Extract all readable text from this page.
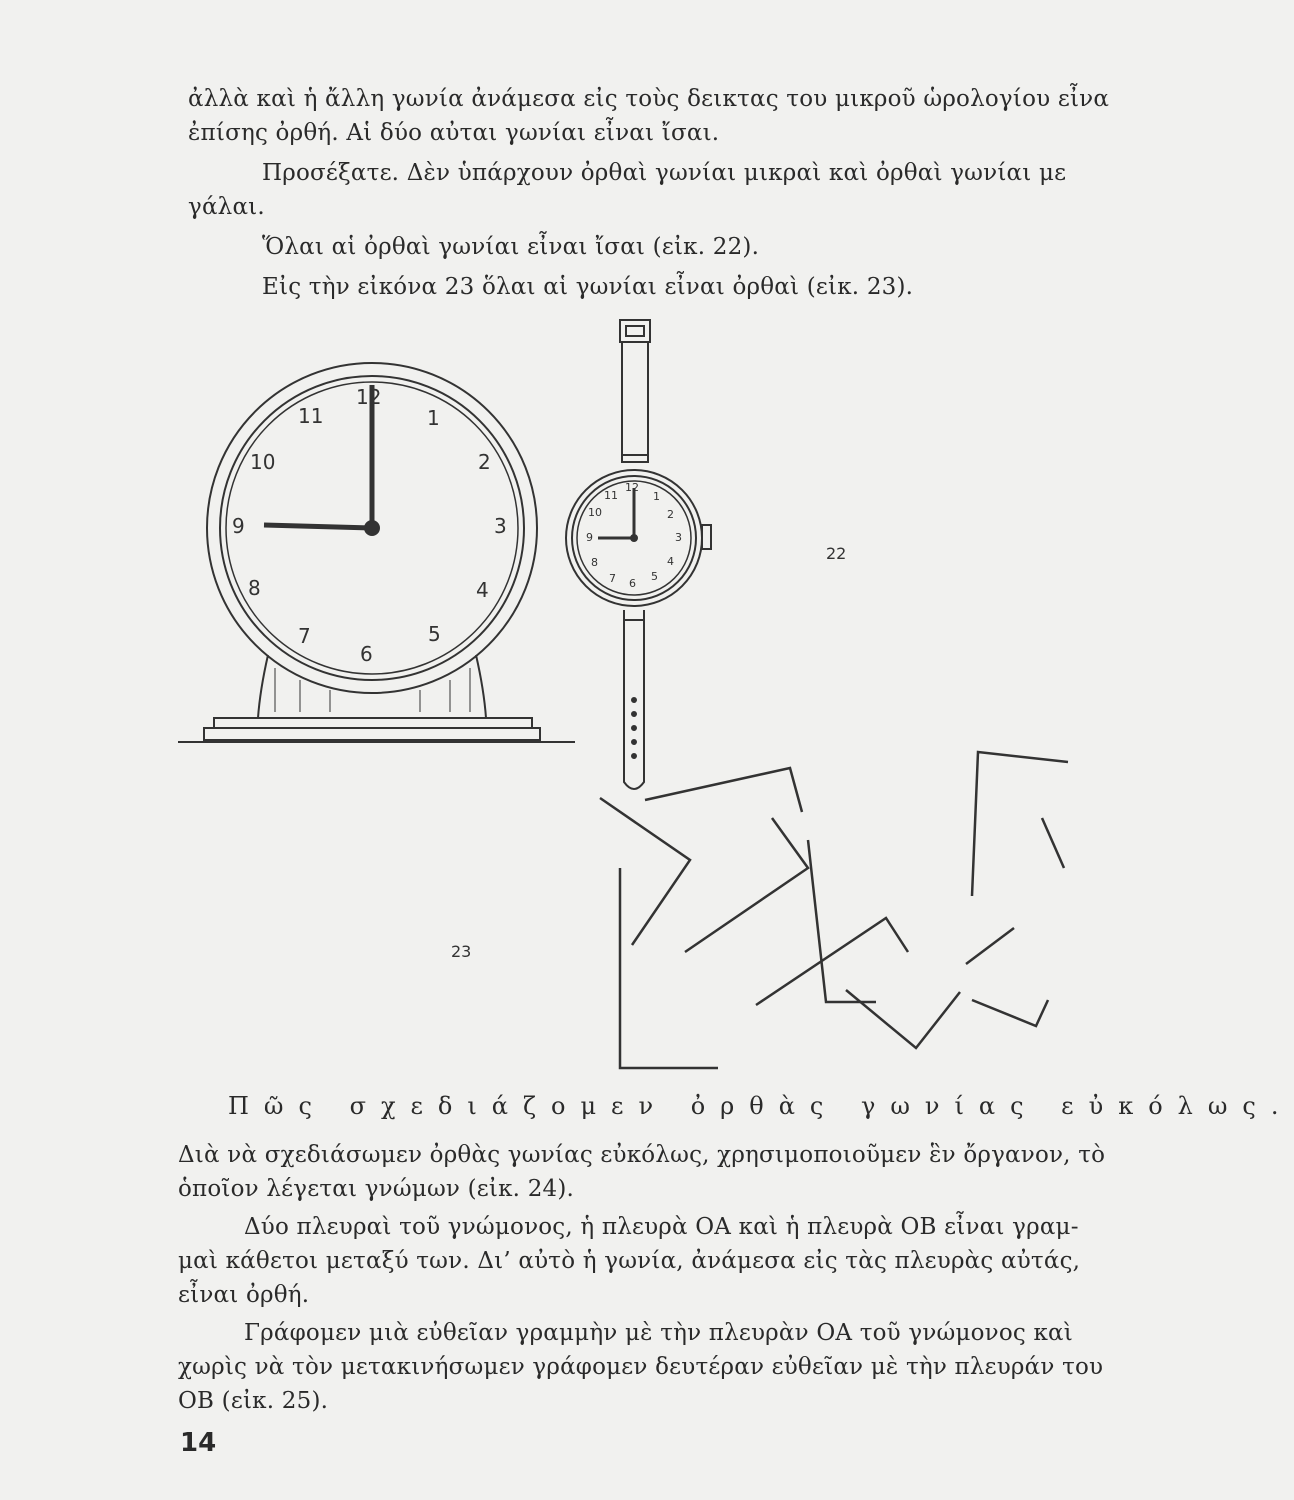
ἀλλὰ καὶ ἡ ἄλλη γωνία ἀνάμεσα εἰς τοὺς δεικτας του μικροῦ ὡρολογίου εἶνα
ἐπίσης ὀρθή. Αἱ δύο αὐται γωνίαι εἶναι ἴσαι.
Προσέξατε. Δὲν ὑπάρχουν ὀρθαὶ γωνίαι μικραὶ καὶ ὀρθαὶ γωνίαι με
γάλαι.
Ὅλαι αἱ ὀρθαὶ γωνίαι εἶναι ἴσαι (εἰκ. 22).
Εἰς τὴν εἰκόνα 23 ὅλαι αἱ γωνίαι εἶναι ὀρθαὶ (εἰκ. 23).
12
1
2
3
4
5
6
7
8
9
10
11
12
1
2
3
4
5
6
7
8
9
10
11
22
23
Πῶς σχεδιάζομεν ὀρθὰς γωνίας εὐκόλως.
Διὰ νὰ σχεδιάσωμεν ὀρθὰς γωνίας εὐκόλως, χρησιμοποιοῦμεν ἓν ὄργανον, τὸ
ὁποῖον λέγεται γνώμων (εἰκ. 24).
Δύο πλευραὶ τοῦ γνώμονος, ἡ πλευρὰ ΟΑ καὶ ἡ πλευρὰ ΟΒ εἶναι γραμ-
μαὶ κάθετοι μεταξύ των. Δι’ αὐτὸ ἡ γωνία, ἀνάμεσα εἰς τὰς πλευρὰς αὐτάς,
εἶναι ὀρθή.
Γράφομεν μιὰ εὐθεῖαν γραμμὴν μὲ τὴν πλευρὰν ΟΑ τοῦ γνώμονος καὶ
χωρὶς νὰ τὸν μετακινήσωμεν γράφομεν δευτέραν εὐθεῖαν μὲ τὴν πλευράν του
ΟΒ (εἰκ. 25).
14
